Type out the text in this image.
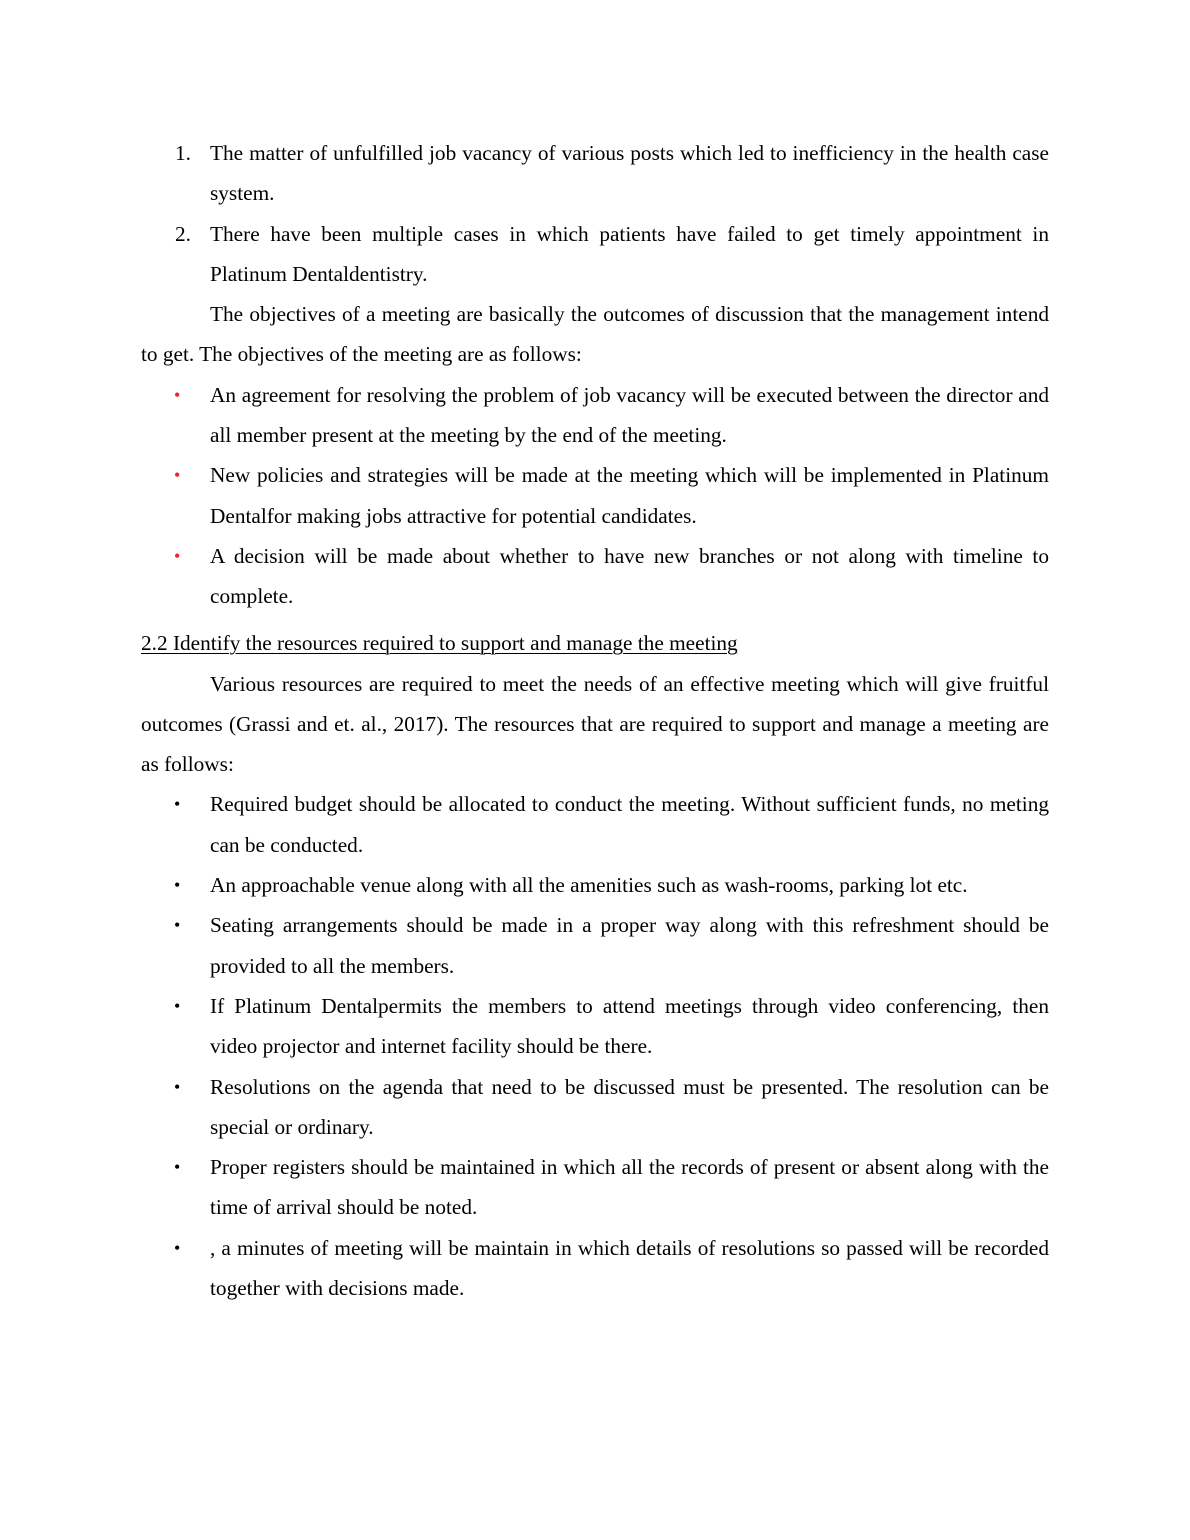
1. The matter of unfulfilled job vacancy of various posts which led to inefficiency in the health case system.
2. There have been multiple cases in which patients have failed to get timely appointment in Platinum Dentaldentistry.

The objectives of a meeting are basically the outcomes of discussion that the management intend to get. The objectives of the meeting are as follows:

• An agreement for resolving the problem of job vacancy will be executed between the director and all member present at the meeting by the end of the meeting.
• New policies and strategies will be made at the meeting which will be implemented in Platinum Dentalfor making jobs attractive for potential candidates.
• A decision will be made about whether to have new branches or not along with timeline to complete.
2.2 Identify the resources required to support and manage the meeting

Various resources are required to meet the needs of an effective meeting which will give fruitful outcomes (Grassi and et. al., 2017). The resources that are required to support and manage a meeting are as follows:

• Required budget should be allocated to conduct the meeting. Without sufficient funds, no meting can be conducted.
• An approachable venue along with all the amenities such as wash-rooms, parking lot etc.
• Seating arrangements should be made in a proper way along with this refreshment should be provided to all the members.
• If Platinum Dentalpermits the members to attend meetings through video conferencing, then video projector and internet facility should be there.
• Resolutions on the agenda that need to be discussed must be presented. The resolution can be special or ordinary.
• Proper registers should be maintained in which all the records of present or absent along with the time of arrival should be noted.
• , a minutes of meeting will be maintain in which details of resolutions so passed will be recorded together with decisions made.
